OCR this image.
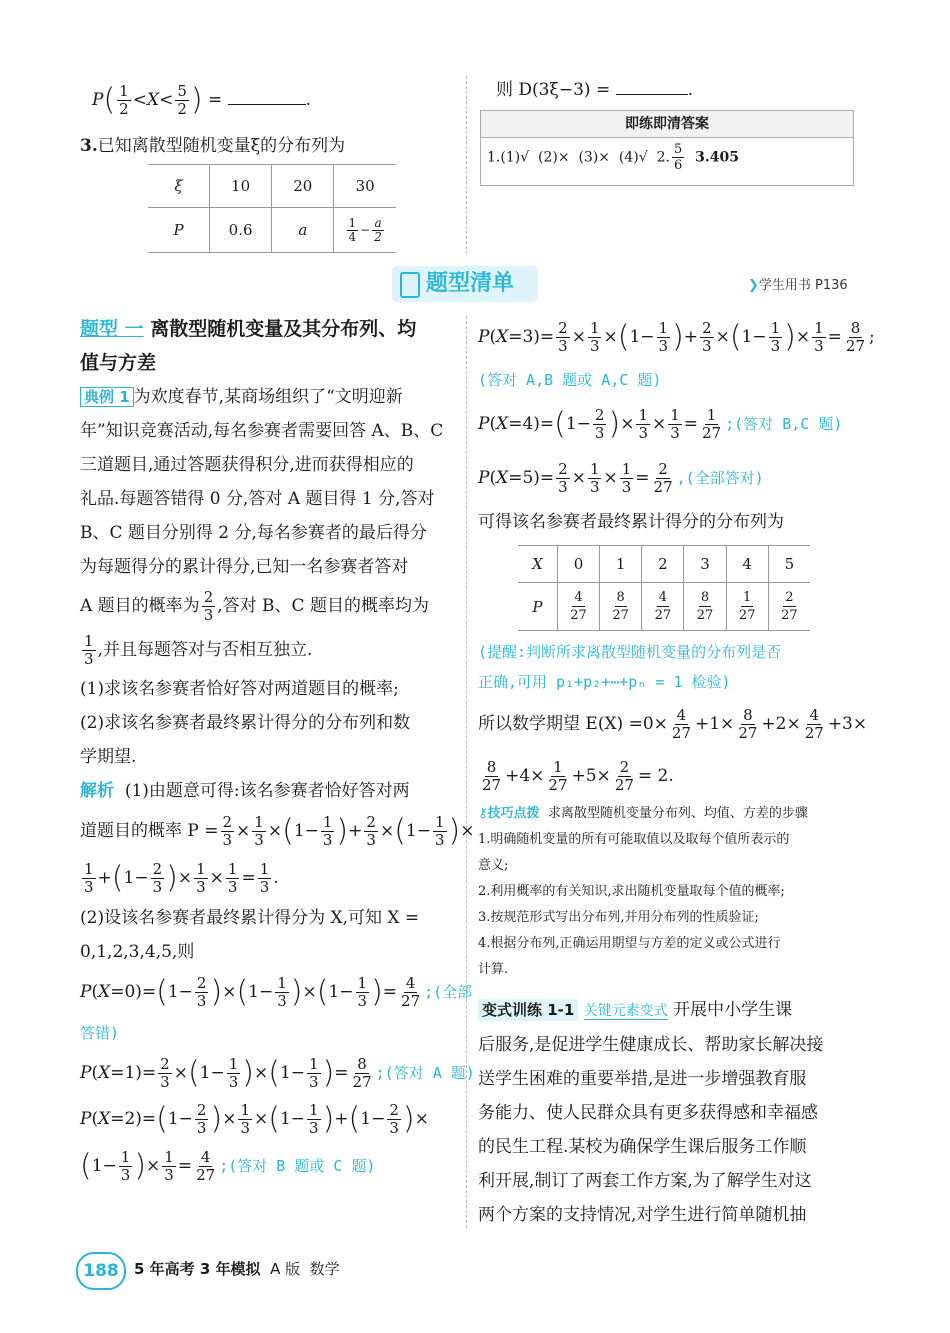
$P( \frac{1}{2} <X< \frac{5}{2}$ ) =	.
3.已知离散型随机变量ξ的分布列为
ξ	10	20	30
P	0.6	a	$\frac{1}{4} - \frac{a}{2}$
则 D(3ξ−3) =	.
即练即清答案
1.(1)√  (2)×  (3)×  (4)√  2. $\frac{5}{6} 3.405$
题型清单	❯学生用书 P136
题型 一 离散型随机变量及其分布列、均
值与方差
典例 1 为欢度春节,某商场组织了“文明迎新
年”知识竞赛活动,每名参赛者需要回答 A、B、C
三道题目,通过答题获得积分,进而获得相应的
礼品.每题答错得 0 分,答对 A 题目得 1 分,答对
B、C 题目分别得 2 分,每名参赛者的最后得分
为每题得分的累计得分,已知一名参赛者答对
A 题目的概率为 $\frac{2}{3}$ ,答对 B、C 题目的概率均为
$\frac{1}{3}$ ,并且每题答对与否相互独立.
(1)求该名参赛者恰好答对两道题目的概率;
(2)求该名参赛者最终累计得分的分布列和数
学期望.
解析 (1)由题意可得:该名参赛者恰好答对两
道题目的概率 $P = \frac{2}{3} \times \frac{1}{3} \times(1- \frac{1}{3}$ )+ $\frac{2}{3} \times(1- \frac{1}{3}$ )×
$\frac{1}{3} +(1- \frac{2}{3}$ )× $\frac{1}{3} \times \frac{1}{3} = \frac{1}{3}$ .
(2)设该名参赛者最终累计得分为 X,可知 X =
0,1,2,3,4,5,则
$P(X=0)=(1- \frac{2}{3} )\times(1- \frac{1}{3} )\times(1- \frac{1}{3}$ )= $\frac{4}{27}$ ;(全部
答错)
$P(X=1)= \frac{2}{3} \times(1- \frac{1}{3} )\times(1- \frac{1}{3}$ )= $\frac{8}{27}$ ;(答对 A 题)
$P(X=2)=(1- \frac{2}{3}$ )× $\frac{1}{3} \times(1- \frac{1}{3} )+(1- \frac{2}{3}$ )×
($1- \frac{1}{3}$ )× $\frac{1}{3} = \frac{4}{27}$ ;(答对 B 题或 C 题)
$P(X=3)= \frac{2}{3} \times \frac{1}{3} \times(1- \frac{1}{3}$ )+ $\frac{2}{3} \times(1- \frac{1}{3}$ )× $\frac{1}{3} = \frac{8}{27}$ ;
(答对 A,B 题或 A,C 题)
$P(X=4)=(1- \frac{2}{3}$ )× $\frac{1}{3} \times \frac{1}{3} = \frac{1}{27}$ ;(答对 B,C 题)
$P(X=5)= \frac{2}{3} \times \frac{1}{3} \times \frac{1}{3} = \frac{2}{27}$ ,(全部答对)
可得该名参赛者最终累计得分的分布列为
X	0	1	2	3	4	5
P	$\frac{4}{27}$	$\frac{8}{27}$	$\frac{4}{27}$	$\frac{8}{27}$	$\frac{1}{27}$	$\frac{2}{27}$
(提醒:判断所求离散型随机变量的分布列是否
正确,可用 p₁+p₂+⋯+pₙ = 1 检验)
所以数学期望 $E(X) =0\times \frac{4}{27} +1\times \frac{8}{27} +2\times \frac{4}{27} +3\times$
$\frac{8}{27} +4\times \frac{1}{27} +5\times \frac{2}{27} = 2$.
⚷技巧点拨 求离散型随机变量分布列、均值、方差的步骤
1.明确随机变量的所有可能取值以及取每个值所表示的
意义;
2.利用概率的有关知识,求出随机变量取每个值的概率;
3.按规范形式写出分布列,并用分布列的性质验证;
4.根据分布列,正确运用期望与方差的定义或公式进行
计算.
变式训练 1-1 关键元素变式 开展中小学生课
后服务,是促进学生健康成长、帮助家长解决接
送学生困难的重要举措,是进一步增强教育服
务能力、使人民群众具有更多获得感和幸福感
的民生工程.某校为确保学生课后服务工作顺
利开展,制订了两套工作方案,为了解学生对这
两个方案的支持情况,对学生进行简单随机抽
188	5 年高考 3 年模拟 A 版 数学
